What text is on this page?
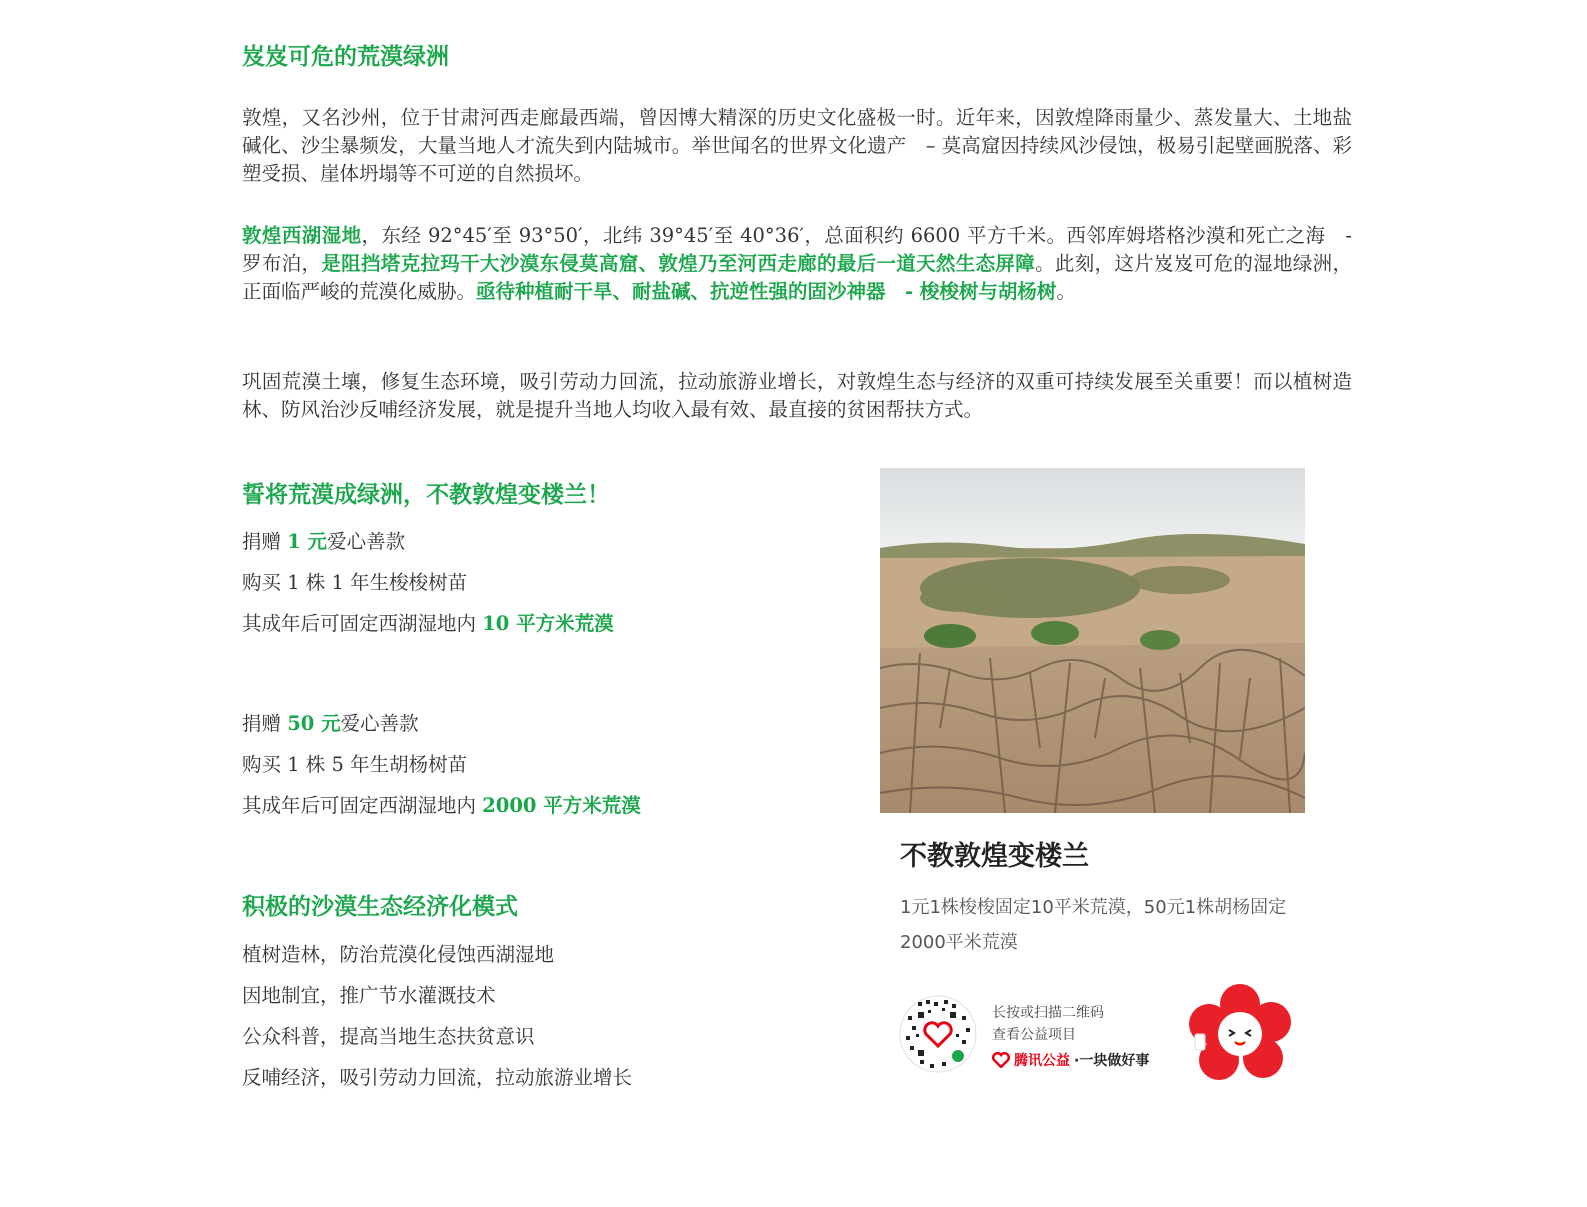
岌岌可危的荒漠绿洲

敦煌，又名沙州，位于甘肃河西走廊最西端，曾因博大精深的历史文化盛极一时。近年来，因敦煌降雨量少、蒸发量大、土地盐碱化、沙尘暴频发，大量当地人才流失到内陆城市。举世闻名的世界文化遗产　– 莫高窟因持续风沙侵蚀，极易引起壁画脱落、彩塑受损、崖体坍塌等不可逆的自然损坏。

敦煌西湖湿地，东经 92°45′至 93°50′，北纬 39°45′至 40°36′，总面积约 6600 平方千米。西邻库姆塔格沙漠和死亡之海　- 罗布泊，是阻挡塔克拉玛干大沙漠东侵莫高窟、敦煌乃至河西走廊的最后一道天然生态屏障。此刻，这片岌岌可危的湿地绿洲，正面临严峻的荒漠化威胁。亟待种植耐干旱、耐盐碱、抗逆性强的固沙神器　- 梭梭树与胡杨树。

巩固荒漠土壤，修复生态环境，吸引劳动力回流，拉动旅游业增长，对敦煌生态与经济的双重可持续发展至关重要！而以植树造林、防风治沙反哺经济发展，就是提升当地人均收入最有效、最直接的贫困帮扶方式。

誓将荒漠成绿洲，不教敦煌变楼兰！

捐赠 1 元爱心善款

购买 1 株 1 年生梭梭树苗

其成年后可固定西湖湿地内 10 平方米荒漠

捐赠 50 元爱心善款

购买 1 株 5 年生胡杨树苗

其成年后可固定西湖湿地内 2000 平方米荒漠

积极的沙漠生态经济化模式

植树造林，防治荒漠化侵蚀西湖湿地

因地制宜，推广节水灌溉技术

公众科普，提高当地生态扶贫意识

反哺经济，吸引劳动力回流，拉动旅游业增长

不教敦煌变楼兰

1元1株梭梭固定10平米荒漠，50元1株胡杨固定2000平米荒漠

长按或扫描二维码
查看公益项目
腾讯公益 ·一块做好事
